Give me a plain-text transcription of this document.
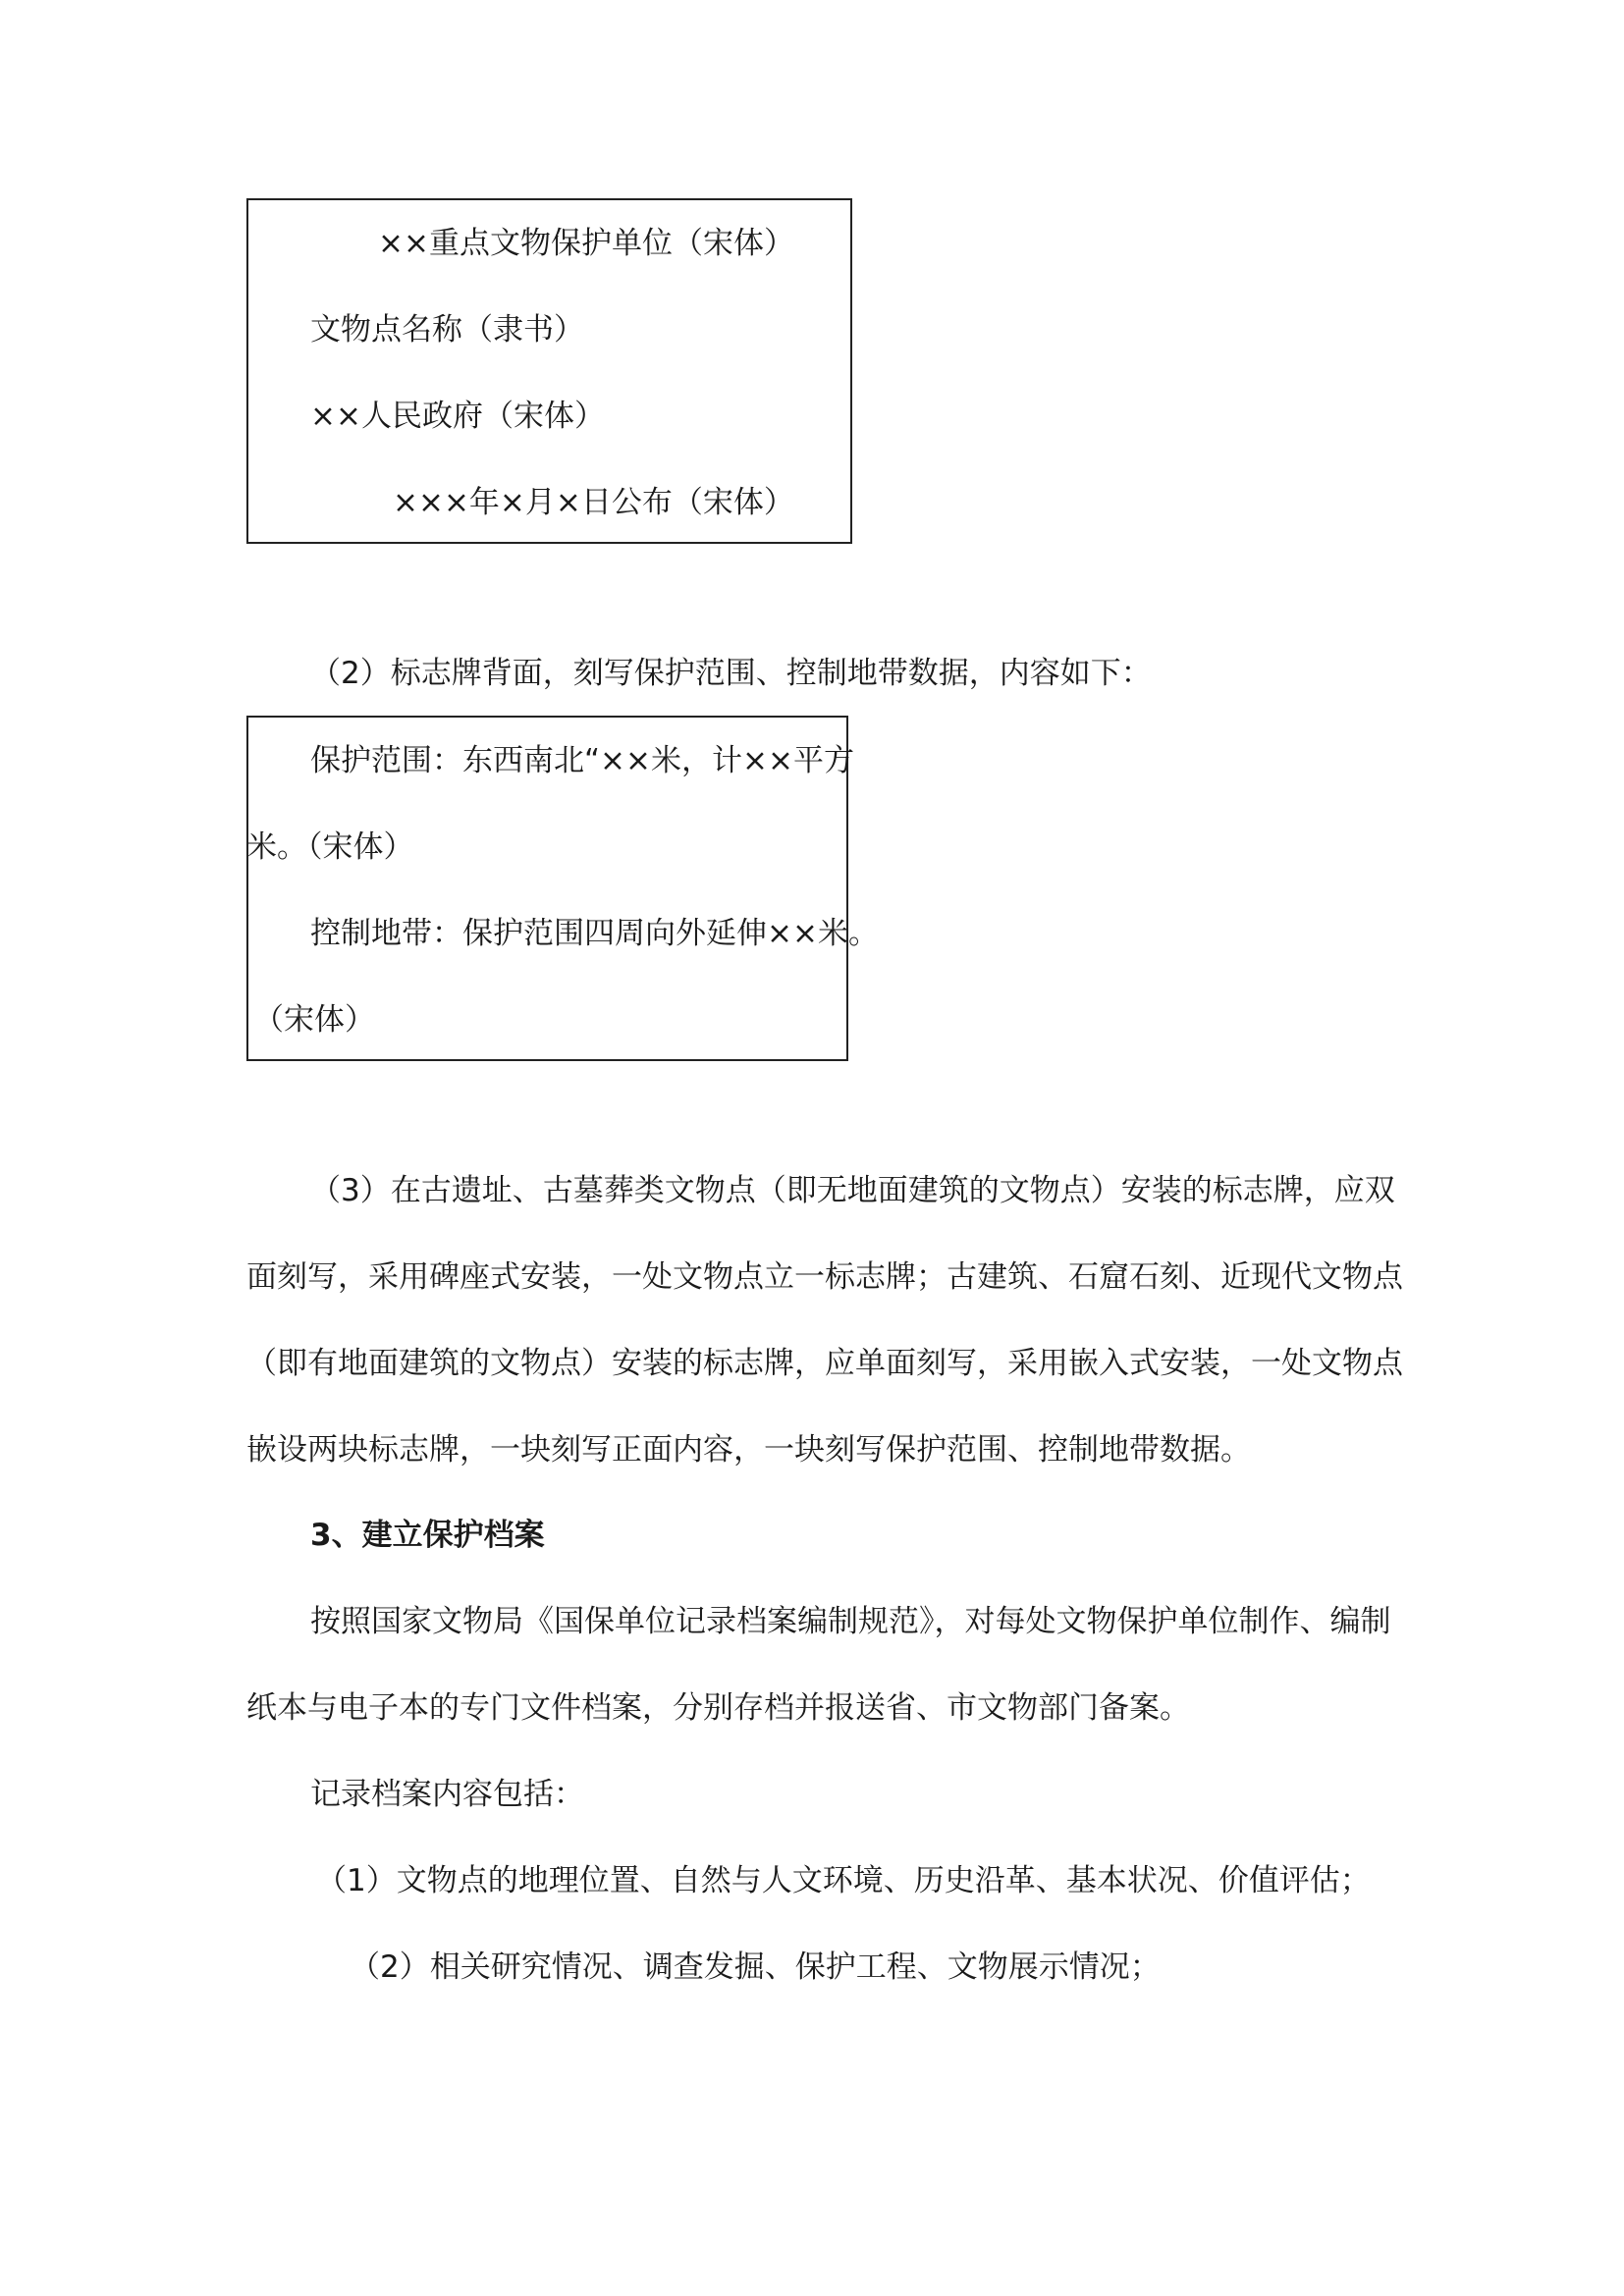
××重点文物保护单位（宋体）
文物点名称（隶书）
××人民政府（宋体）
×××年×月×日公布（宋体）
（2）标志牌背面，刻写保护范围、控制地带数据，内容如下：
保护范围：东西南北“××米，计××平方
米。（宋体）
控制地带：保护范围四周向外延伸××米。
（宋体）
（3）在古遗址、古墓葬类文物点（即无地面建筑的文物点）安装的标志牌，应双
面刻写，采用碑座式安装，一处文物点立一标志牌；古建筑、石窟石刻、近现代文物点
（即有地面建筑的文物点）安装的标志牌，应单面刻写，采用嵌入式安装，一处文物点
嵌设两块标志牌，一块刻写正面内容，一块刻写保护范围、控制地带数据。
3、建立保护档案
按照国家文物局《国保单位记录档案编制规范》，对每处文物保护单位制作、编制
纸本与电子本的专门文件档案，分别存档并报送省、市文物部门备案。
记录档案内容包括：
（1）文物点的地理位置、自然与人文环境、历史沿革、基本状况、价值评估；
（2）相关研究情况、调查发掘、保护工程、文物展示情况；
